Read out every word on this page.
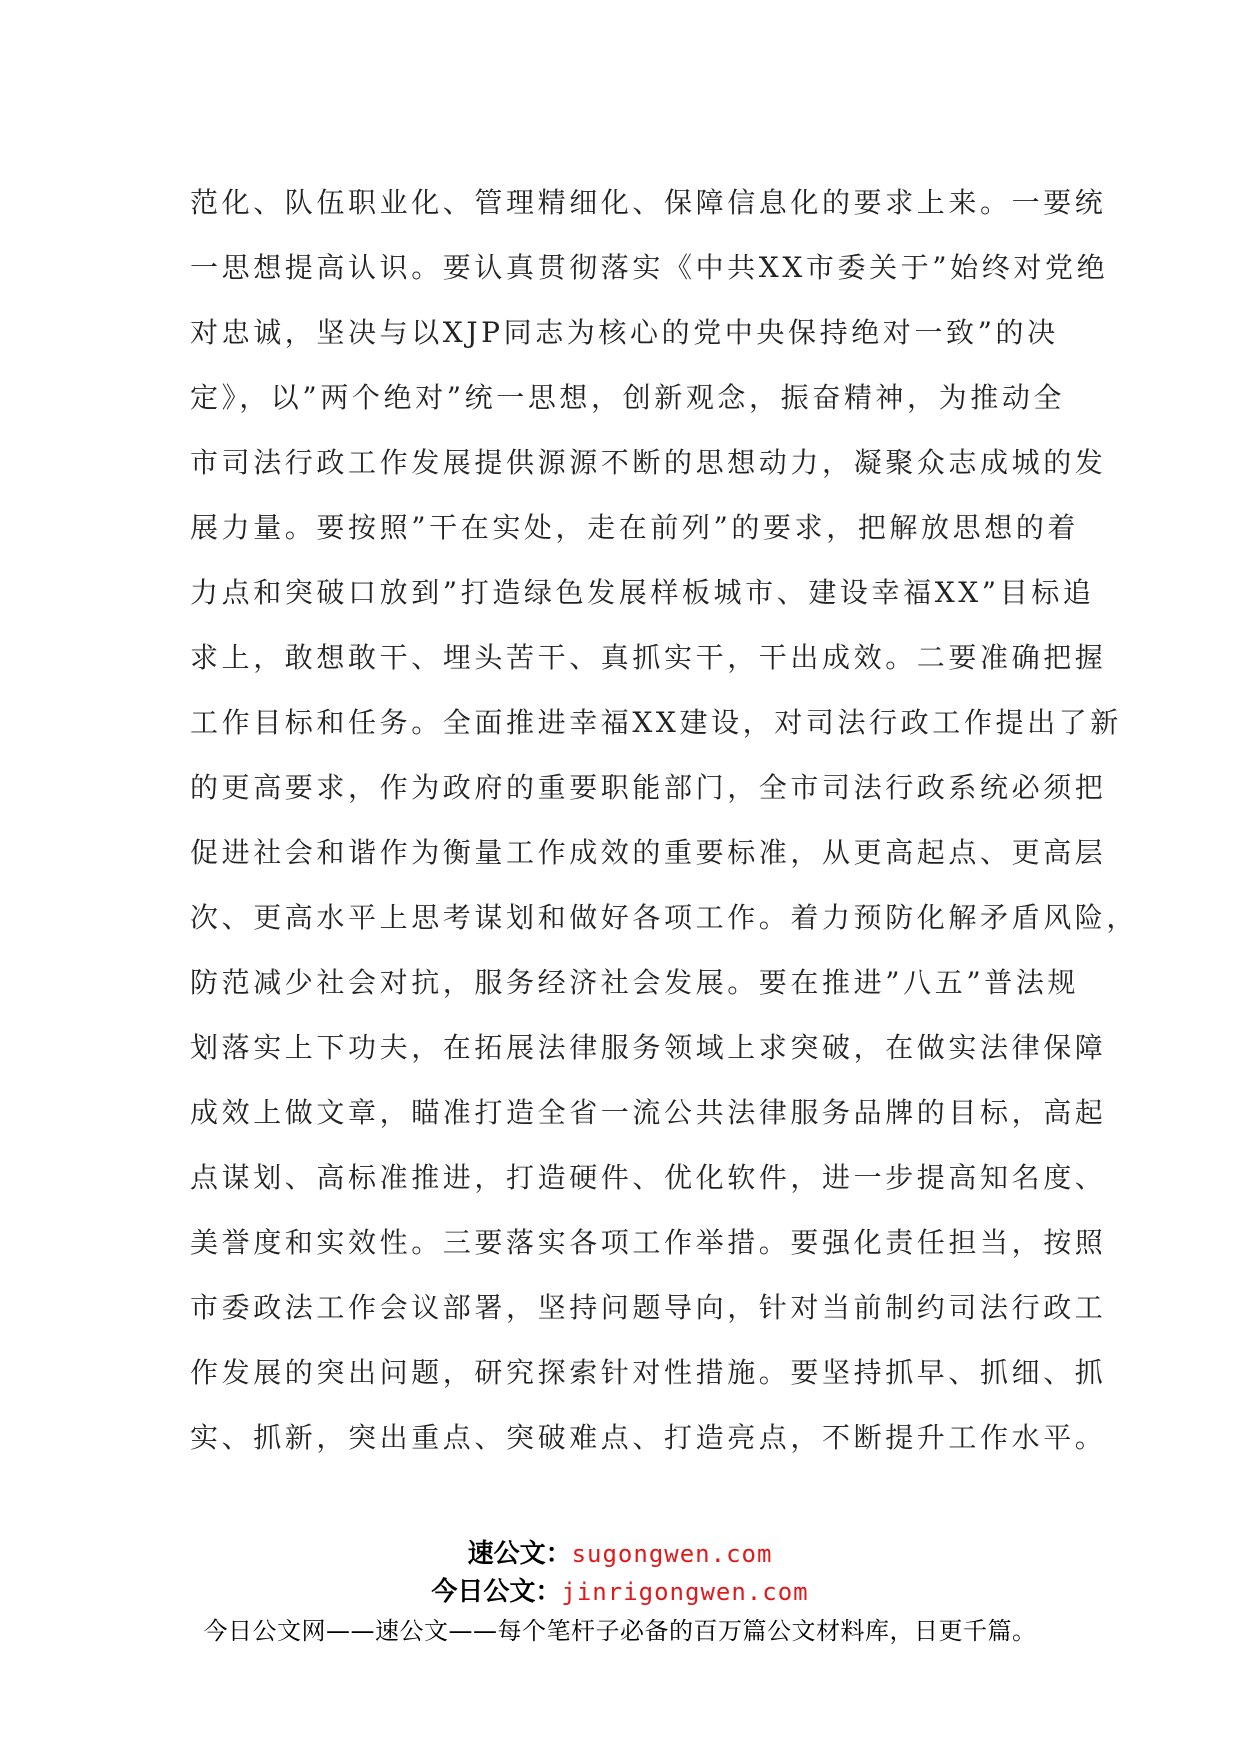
范化、队伍职业化、管理精细化、保障信息化的要求上来。一要统
一思想提高认识。要认真贯彻落实《中共XX市委关于”始终对党绝
对忠诚，坚决与以XJP同志为核心的党中央保持绝对一致”的决
定》，以”两个绝对”统一思想，创新观念，振奋精神，为推动全
市司法行政工作发展提供源源不断的思想动力，凝聚众志成城的发
展力量。要按照”干在实处，走在前列”的要求，把解放思想的着
力点和突破口放到”打造绿色发展样板城市、建设幸福XX”目标追
求上，敢想敢干、埋头苦干、真抓实干，干出成效。二要准确把握
工作目标和任务。全面推进幸福XX建设，对司法行政工作提出了新
的更高要求，作为政府的重要职能部门，全市司法行政系统必须把
促进社会和谐作为衡量工作成效的重要标准，从更高起点、更高层
次、更高水平上思考谋划和做好各项工作。着力预防化解矛盾风险，
防范减少社会对抗，服务经济社会发展。要在推进”八五”普法规
划落实上下功夫，在拓展法律服务领域上求突破，在做实法律保障
成效上做文章，瞄准打造全省一流公共法律服务品牌的目标，高起
点谋划、高标准推进，打造硬件、优化软件，进一步提高知名度、
美誉度和实效性。三要落实各项工作举措。要强化责任担当，按照
市委政法工作会议部署，坚持问题导向，针对当前制约司法行政工
作发展的突出问题，研究探索针对性措施。要坚持抓早、抓细、抓
实、抓新，突出重点、突破难点、打造亮点，不断提升工作水平。
速公文：sugongwen.com
今日公文：jinrigongwen.com
今日公文网——速公文——每个笔杆子必备的百万篇公文材料库，日更千篇。
